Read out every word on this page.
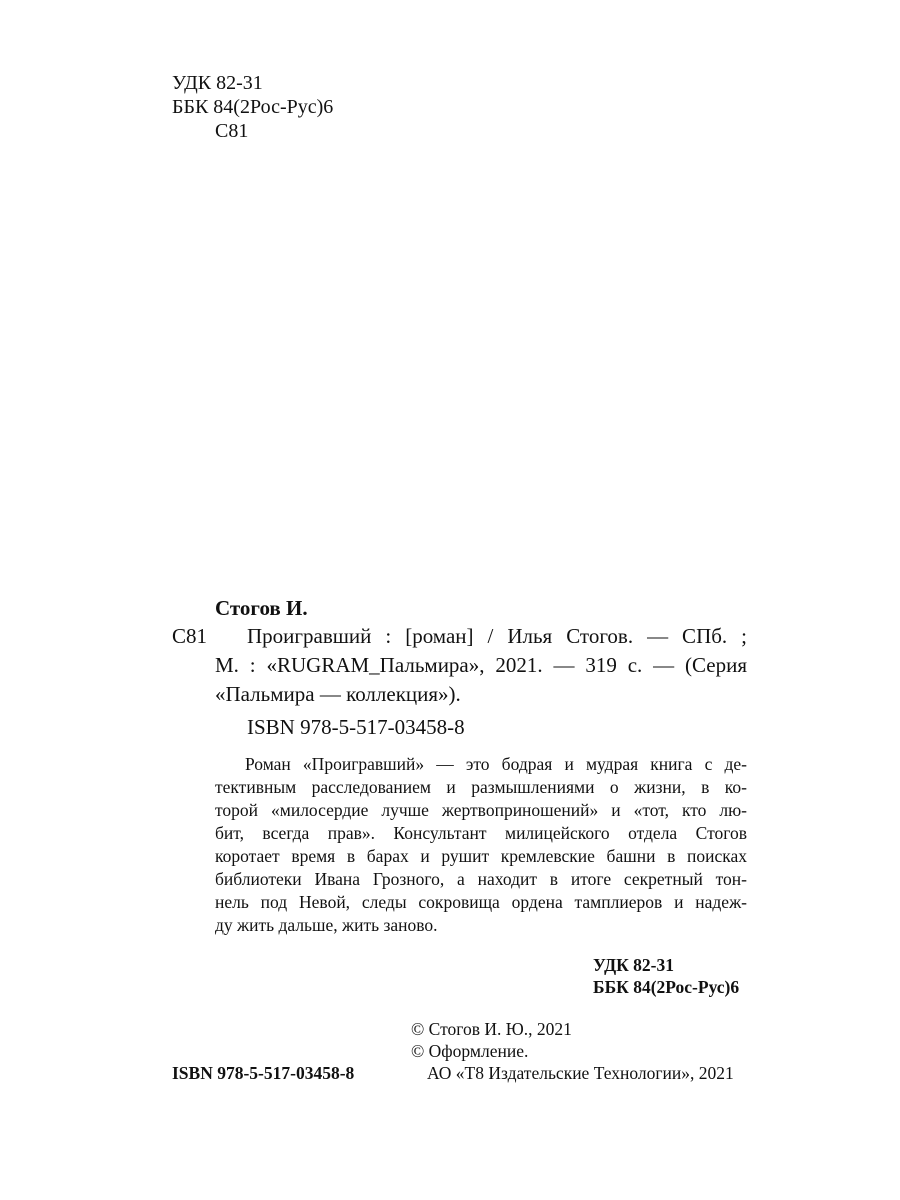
УДК 82-31
ББК 84(2Рос-Рус)6
С81
Стогов И.
С81 Проигравший : [роман] / Илья Стогов. — СПб. ;
М. : «RUGRAM_Пальмира», 2021. — 319 с. — (Серия
«Пальмира — коллекция»).
ISBN 978-5-517-03458-8
Роман «Проигравший» — это бодрая и мудрая книга с де-
тективным расследованием и размышлениями о жизни, в ко-
торой «милосердие лучше жертвоприношений» и «тот, кто лю-
бит, всегда прав». Консультант милицейского отдела Стогов
коротает время в барах и рушит кремлевские башни в поисках
библиотеки Ивана Грозного, а находит в итоге секретный тон-
нель под Невой, следы сокровища ордена тамплиеров и надеж-
ду жить дальше, жить заново.
УДК 82-31
ББК 84(2Рос-Рус)6
© Стогов И. Ю., 2021
© Оформление.
АО «Т8 Издательские Технологии», 2021
ISBN 978-5-517-03458-8
